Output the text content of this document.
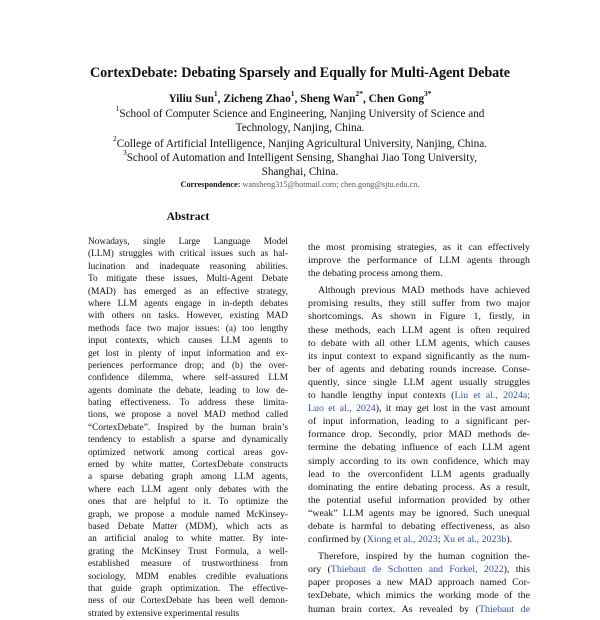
CortexDebate: Debating Sparsely and Equally for Multi-Agent Debate
Yiliu Sun$^1$, Zicheng Zhao$^1$, Sheng Wan$^{2*}$, Chen Gong$^{3*}$
$^1$School of Computer Science and Engineering, Nanjing University of Science and
Technology, Nanjing, China.
$^2$College of Artificial Intelligence, Nanjing Agricultural University, Nanjing, China.
$^3$School of Automation and Intelligent Sensing, Shanghai Jiao Tong University,
Shanghai, China.
Correspondence: wansheng315@hotmail.com; chen.gong@sjtu.edu.cn.
Abstract
Nowadays, single Large Language Model
(LLM) struggles with critical issues such as hal-
lucination and inadequate reasoning abilities.
To mitigate these issues, Multi-Agent Debate
(MAD) has emerged as an effective strategy,
where LLM agents engage in in-depth debates
with others on tasks. However, existing MAD
methods face two major issues: (a) too lengthy
input contexts, which causes LLM agents to
get lost in plenty of input information and ex-
periences performance drop; and (b) the over-
confidence dilemma, where self-assured LLM
agents dominate the debate, leading to low de-
bating effectiveness. To address these limita-
tions, we propose a novel MAD method called
“CortexDebate”. Inspired by the human brain’s
tendency to establish a sparse and dynamically
optimized network among cortical areas gov-
erned by white matter, CortexDebate constructs
a sparse debating graph among LLM agents,
where each LLM agent only debates with the
ones that are helpful to it. To optimize the
graph, we propose a module named McKinsey-
based Debate Matter (MDM), which acts as
an artificial analog to white matter. By inte-
grating the McKinsey Trust Formula, a well-
established measure of trustworthiness from
sociology, MDM enables credible evaluations
that guide graph optimization. The effective-
ness of our CortexDebate has been well demon-
strated by extensive experimental results
the most promising strategies, as it can effectively
improve the performance of LLM agents through
the debating process among them.
Although previous MAD methods have achieved
promising results, they still suffer from two major
shortcomings. As shown in Figure 1, firstly, in
these methods, each LLM agent is often required
to debate with all other LLM agents, which causes
its input context to expand significantly as the num-
ber of agents and debating rounds increase. Conse-
quently, since single LLM agent usually struggles
to handle lengthy input contexts (Liu et al., 2024a;
Luo et al., 2024), it may get lost in the vast amount
of input information, leading to a significant per-
formance drop. Secondly, prior MAD methods de-
termine the debating influence of each LLM agent
simply according to its own confidence, which may
lead to the overconfident LLM agents gradually
dominating the entire debating process. As a result,
the potential useful information provided by other
“weak” LLM agents may be ignored. Such unequal
debate is harmful to debating effectiveness, as also
confirmed by (Xiong et al., 2023; Xu et al., 2023b).
Therefore, inspired by the human cognition the-
ory (Thiebaut de Schotten and Forkel, 2022), this
paper proposes a new MAD approach named Cor-
texDebate, which mimics the working mode of the
human brain cortex. As revealed by (Thiebaut de
